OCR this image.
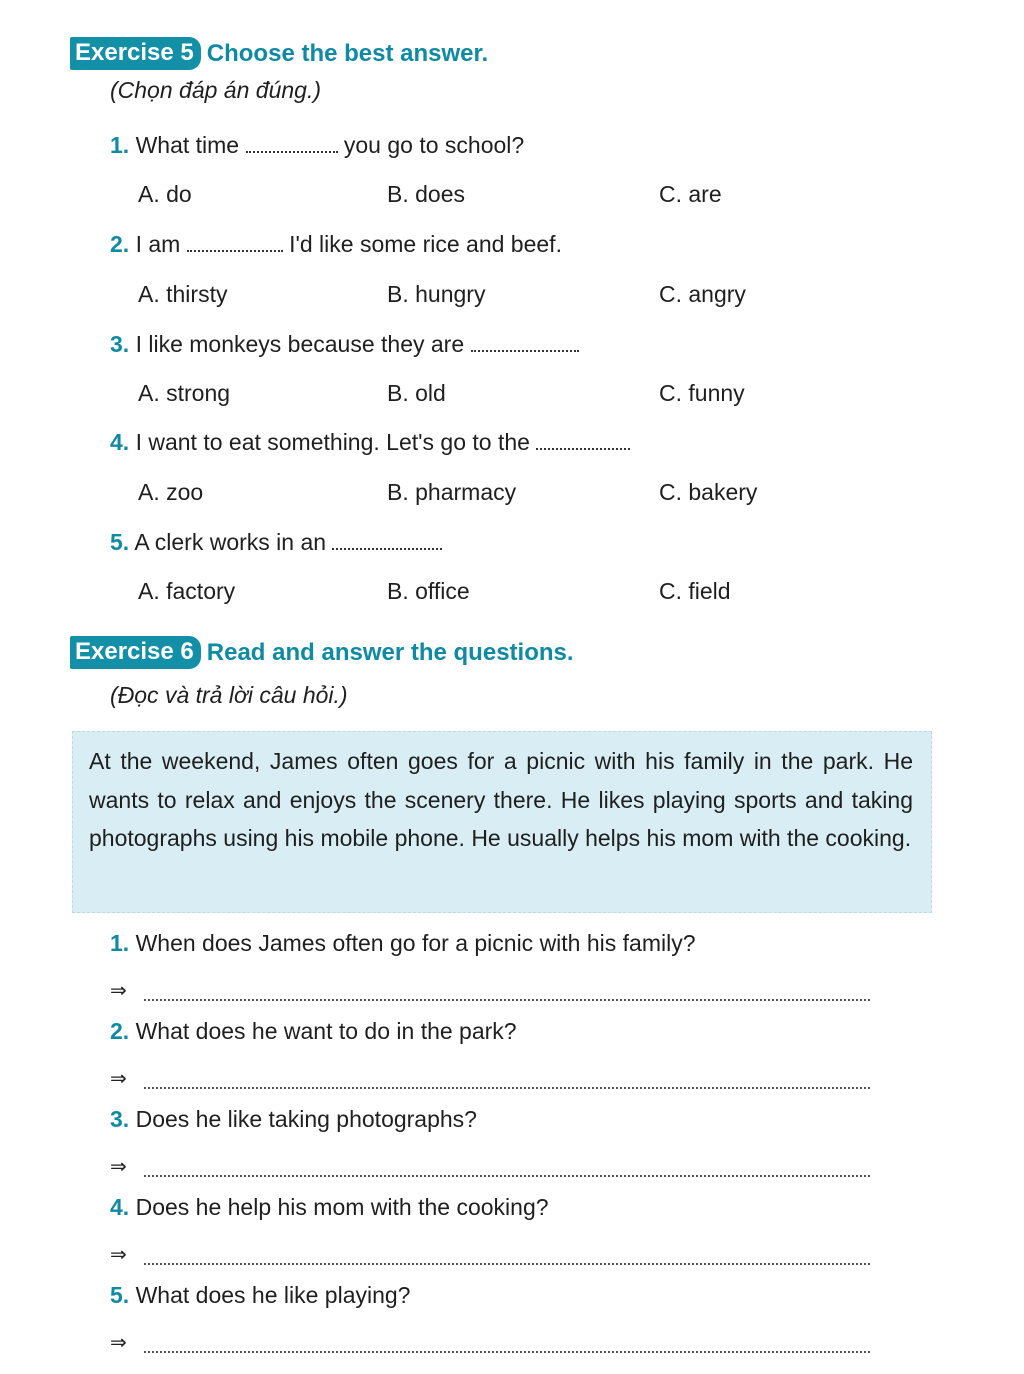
Exercise 5 Choose the best answer.
(Chọn đáp án đúng.)
1. What time	you go to school?
A. do	B. does	C. are
2. I am	I'd like some rice and beef.
A. thirsty	B. hungry	C. angry
3. I like monkeys because they are
A. strong	B. old	C. funny
4. I want to eat something. Let's go to the
A. zoo	B. pharmacy	C. bakery
5. A clerk works in an
A. factory	B. office	C. field
Exercise 6 Read and answer the questions.
(Đọc và trả lời câu hỏi.)
At the weekend, James often goes for a picnic with his family in the park. He wants to relax and enjoys the scenery there. He likes playing sports and taking photographs using his mobile phone. He usually helps his mom with the cooking.
1. When does James often go for a picnic with his family?
⇒
2. What does he want to do in the park?
⇒
3. Does he like taking photographs?
⇒
4. Does he help his mom with the cooking?
⇒
5. What does he like playing?
⇒
